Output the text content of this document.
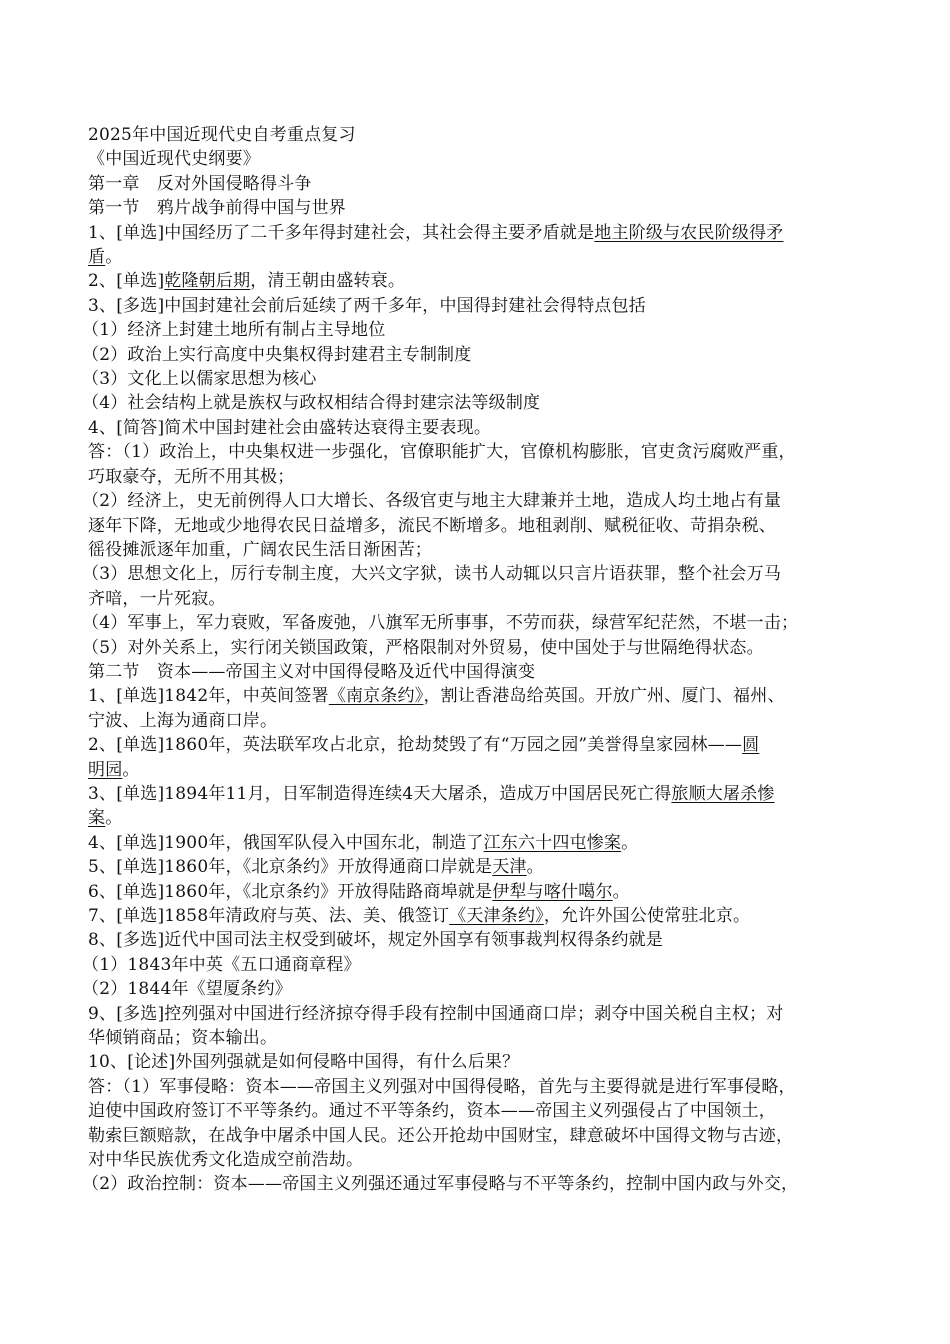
2025年中国近现代史自考重点复习

《中国近现代史纲要》

第一章　反对外国侵略得斗争

第一节　鸦片战争前得中国与世界

1、[单选]中国经历了二千多年得封建社会，其社会得主要矛盾就是地主阶级与农民阶级得矛

盾。

2、[单选]乾隆朝后期，清王朝由盛转衰。

3、[多选]中国封建社会前后延续了两千多年，中国得封建社会得特点包括

（1）经济上封建土地所有制占主导地位

（2）政治上实行高度中央集权得封建君主专制制度

（3）文化上以儒家思想为核心

（4）社会结构上就是族权与政权相结合得封建宗法等级制度

4、[简答]简术中国封建社会由盛转达衰得主要表现。

答：（1）政治上，中央集权进一步强化，官僚职能扩大，官僚机构膨胀，官吏贪污腐败严重，

巧取豪夺，无所不用其极；

（2）经济上，史无前例得人口大增长、各级官吏与地主大肆兼并土地，造成人均土地占有量

逐年下降，无地或少地得农民日益增多，流民不断增多。地租剥削、赋税征收、苛捐杂税、

徭役摊派逐年加重，广阔农民生活日渐困苦；

（3）思想文化上，厉行专制主度，大兴文字狱，读书人动辄以只言片语获罪，整个社会万马

齐喑，一片死寂。

（4）军事上，军力衰败，军备废弛，八旗军无所事事，不劳而获，绿营军纪茫然，不堪一击；

（5）对外关系上，实行闭关锁国政策，严格限制对外贸易，使中国处于与世隔绝得状态。

第二节　资本——帝国主义对中国得侵略及近代中国得演变

1、[单选]1842年，中英间签署《南京条约》，割让香港岛给英国。开放广州、厦门、福州、

宁波、上海为通商口岸。

2、[单选]1860年，英法联军攻占北京，抢劫焚毁了有“万园之园”美誉得皇家园林——圆

明园。

3、[单选]1894年11月，日军制造得连续4天大屠杀，造成万中国居民死亡得旅顺大屠杀惨

案。

4、[单选]1900年，俄国军队侵入中国东北，制造了江东六十四屯惨案。

5、[单选]1860年，《北京条约》开放得通商口岸就是天津。

6、[单选]1860年，《北京条约》开放得陆路商埠就是伊犁与喀什噶尔。

7、[单选]1858年清政府与英、法、美、俄签订《天津条约》，允许外国公使常驻北京。

8、[多选]近代中国司法主权受到破坏，规定外国享有领事裁判权得条约就是

（1）1843年中英《五口通商章程》

（2）1844年《望厦条约》

9、[多选]控列强对中国进行经济掠夺得手段有控制中国通商口岸；剥夺中国关税自主权；对

华倾销商品；资本输出。

10、[论述]外国列强就是如何侵略中国得，有什么后果？

答：（1）军事侵略：资本——帝国主义列强对中国得侵略，首先与主要得就是进行军事侵略，

迫使中国政府签订不平等条约。通过不平等条约，资本——帝国主义列强侵占了中国领土，

勒索巨额赔款，在战争中屠杀中国人民。还公开抢劫中国财宝，肆意破坏中国得文物与古迹，

对中华民族优秀文化造成空前浩劫。

（2）政治控制：资本——帝国主义列强还通过军事侵略与不平等条约，控制中国内政与外交，
